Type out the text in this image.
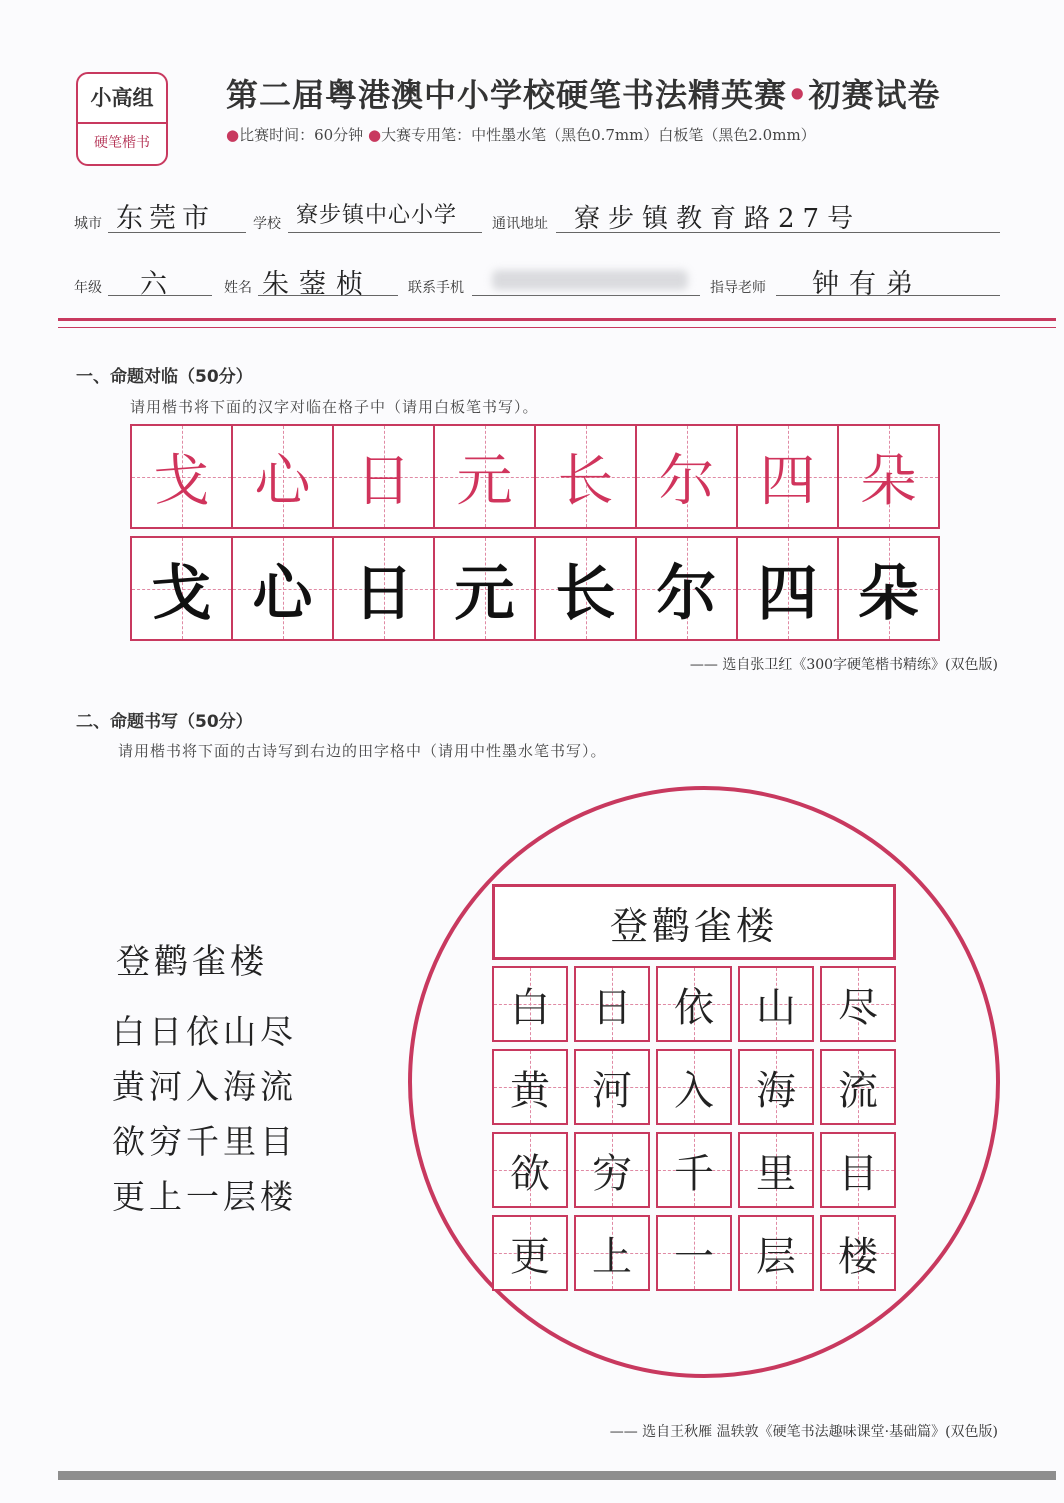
小高组
硬笔楷书
第二届粤港澳中小学校硬笔书法精英赛•初赛试卷
●比赛时间：60分钟 ●大赛专用笔：中性墨水笔（黑色0.7mm）白板笔（黑色2.0mm）
城市 东莞市	学校 寮步镇中心小学 通讯地址 寮步镇教育路27号
年级 六	姓名 朱蓥桢	联系手机	指导老师 钟有弟
一、命题对临（50分）
请用楷书将下面的汉字对临在格子中（请用白板笔书写）。
戈 心 日 元 长 尔 四 朵
戈 心 日 元 长 尔 四 朵
—— 选自张卫红《300字硬笔楷书精练》(双色版)
二、命题书写（50分）
请用楷书将下面的古诗写到右边的田字格中（请用中性墨水笔书写）。
登鹳雀楼
白日依山尽
黄河入海流
欲穷千里目
更上一层楼
登鹳雀楼
白	日	依	山	尽
黄	河	入	海	流
欲	穷	千	里	目
更	上	一	层	楼
—— 选自王秋雁 温轶敦《硬笔书法趣味课堂·基础篇》(双色版)
